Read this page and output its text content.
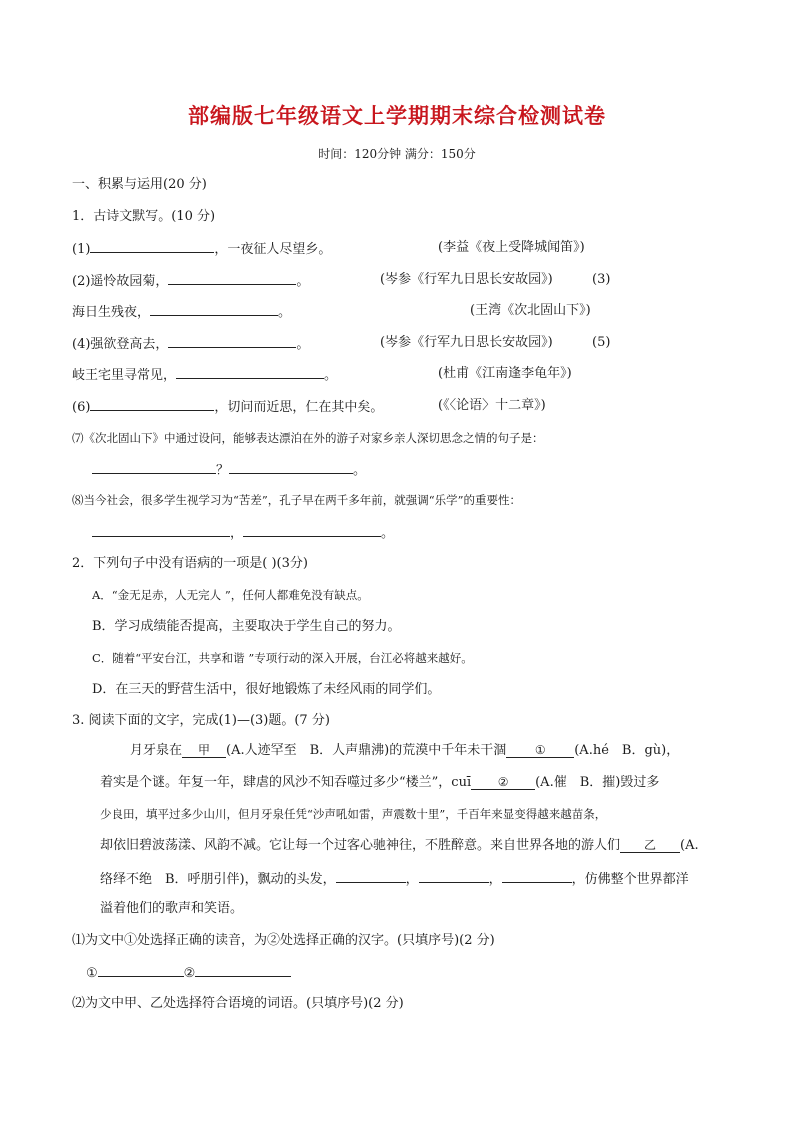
部编版七年级语文上学期期末综合检测试卷
时间：120分钟 满分：150分
一、积累与运用(20 分)
1．古诗文默写。(10 分)
(1)	，一夜征人尽望乡。	(李益《夜上受降城闻笛》)
(2)遥怜故园菊，	。	(岑参《行军九日思长安故园》)	(3)
海日生残夜，	。	(王湾《次北固山下》)
(4)强欲登高去，	。	(岑参《行军九日思长安故园》)	(5)
岐王宅里寻常见，	。	(杜甫《江南逢李龟年》)
(6)	，切问而近思，仁在其中矣。	(《〈论语〉十二章》)
⑺《次北固山下》中通过设问，能够表达漂泊在外的游子对家乡亲人深切思念之情的句子是：
？	。
⑻当今社会，很多学生视学习为“苦差”，孔子早在两千多年前，就强调“乐学”的重要性：
，	。
2．下列句子中没有语病的一项是( )(3分)
A．“金无足赤，人无完人 ”，任何人都难免没有缺点。
B．学习成绩能否提高，主要取决于学生自己的努力。
C．随着“平安台江，共享和谐 ”专项行动的深入开展，台江必将越来越好。
D．在三天的野营生活中，很好地锻炼了未经风雨的同学们。
3. 阅读下面的文字，完成(1)—(3)题。(7 分)
月牙泉在 甲 (A.人迹罕至　B．人声鼎沸)的荒漠中千年未干涸 ① (A.hé　B．gù)，
着实是个谜。年复一年，肆虐的风沙不知吞噬过多少“楼兰”，cuī ② (A.催　B．摧)毁过多
少良田，填平过多少山川，但月牙泉任凭“沙声吼如雷，声震数十里”，千百年来显变得越来越苗条，
却依旧碧波荡漾、风韵不减。它让每一个过客心驰神往，不胜醉意。来自世界各地的游人们 乙 (A.
络绎不绝　B．呼朋引伴)，飘动的头发，	，	，	，仿佛整个世界都洋
溢着他们的歌声和笑语。
⑴为文中①处选择正确的读音，为②处选择正确的汉字。(只填序号)(2 分)
①	②
⑵为文中甲、乙处选择符合语境的词语。(只填序号)(2 分)
